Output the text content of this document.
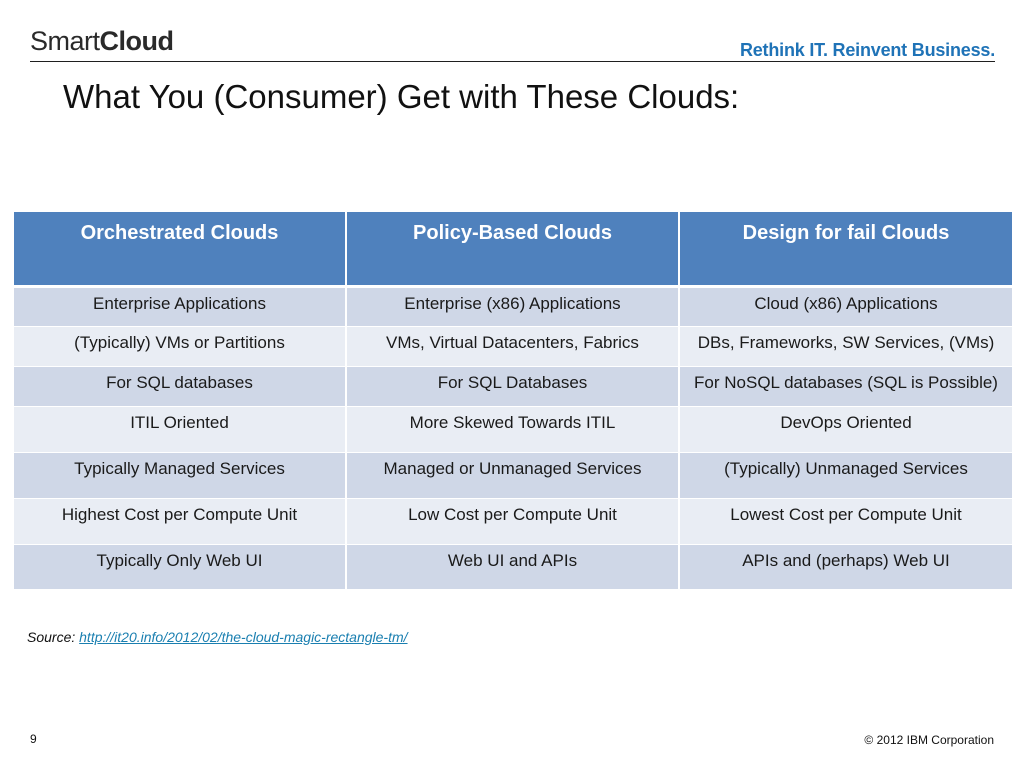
SmartCloud	Rethink IT. Reinvent Business.
What You (Consumer) Get with These Clouds:
Orchestrated Clouds	Policy-Based Clouds	Design for fail Clouds
Enterprise Applications	Enterprise (x86) Applications	Cloud (x86) Applications
(Typically) VMs or Partitions	VMs, Virtual Datacenters, Fabrics	DBs, Frameworks, SW Services, (VMs)
For SQL databases	For SQL Databases	For NoSQL databases (SQL is Possible)
ITIL Oriented	More Skewed Towards ITIL	DevOps Oriented
Typically Managed Services	Managed or Unmanaged Services	(Typically) Unmanaged Services
Highest Cost per Compute Unit	Low Cost per Compute Unit	Lowest Cost per Compute Unit
Typically Only Web UI	Web UI and APIs	APIs and (perhaps) Web UI
Source: http://it20.info/2012/02/the-cloud-magic-rectangle-tm/
9	© 2012 IBM Corporation
